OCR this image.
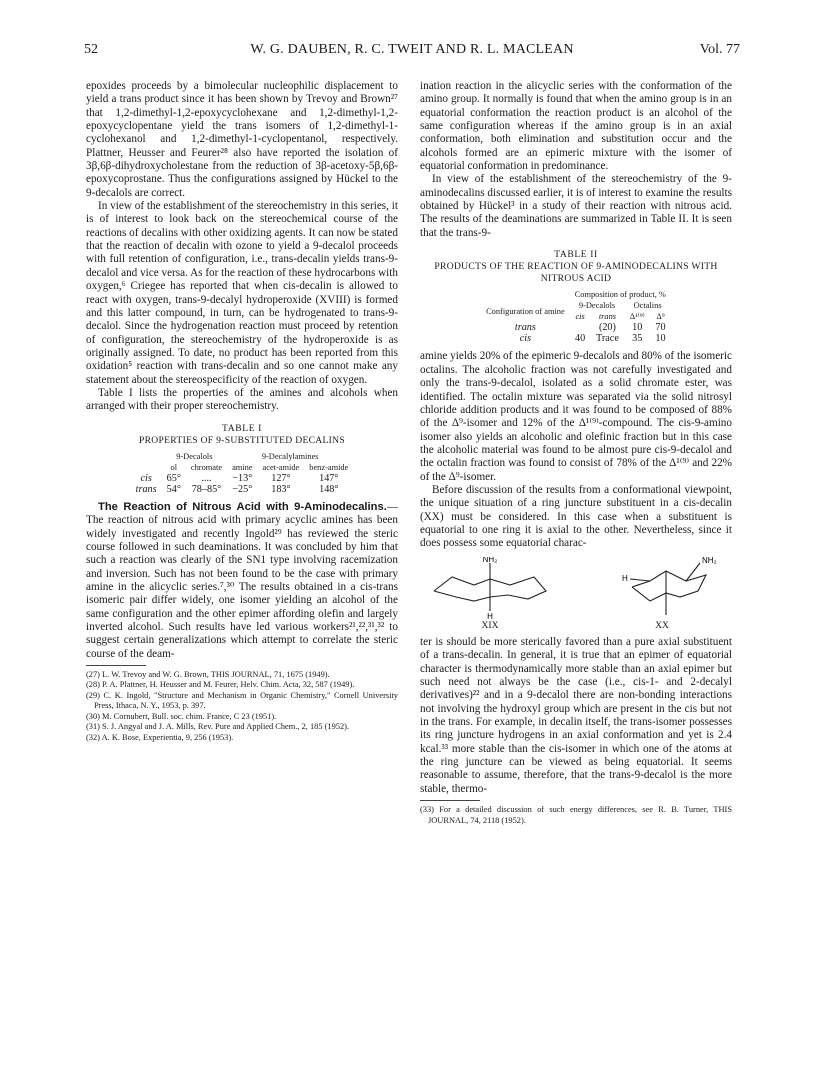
52	W. G. DAUBEN, R. C. TWEIT AND R. L. MACLEAN	Vol. 77

epoxides proceeds by a bimolecular nucleophilic displacement to yield a trans product since it has been shown by Trevoy and Brown²⁷ that 1,2-dimethyl-1,2-epoxycyclohexane and 1,2-dimethyl-1,2-epoxycyclopentane yield the trans isomers of 1,2-dimethyl-1-cyclohexanol and 1,2-dimethyl-1-cyclopentanol, respectively. Plattner, Heusser and Feurer²⁸ also have reported the isolation of 3β,6β-dihydroxycholestane from the reduction of 3β-acetoxy-5β,6β-epoxycoprostane. Thus the configurations assigned by Hückel to the 9-decalols are correct.

In view of the establishment of the stereochemistry in this series, it is of interest to look back on the stereochemical course of the reactions of decalins with other oxidizing agents. It can now be stated that the reaction of decalin with ozone to yield a 9-decalol proceeds with full retention of configuration, i.e., trans-decalin yields trans-9-decalol and vice versa. As for the reaction of these hydrocarbons with oxygen,⁶ Criegee has reported that when cis-decalin is allowed to react with oxygen, trans-9-decalyl hydroperoxide (XVIII) is formed and this latter compound, in turn, can be hydrogenated to trans-9-decalol. Since the hydrogenation reaction must proceed by retention of configuration, the stereochemistry of the hydroperoxide is as originally assigned. To date, no product has been reported from this oxidation⁵ reaction with trans-decalin and so one cannot make any statement about the stereospecificity of the reaction of oxygen.

Table I lists the properties of the amines and alcohols when arranged with their proper stereochemistry.

TABLE I
PROPERTIES OF 9-SUBSTITUTED DECALINS
	9-Decalols		9-Decalylamines		
	ol	chromate	amine	acet-amide	benz-amide
cis	65°	....	−13°	127°	147°
trans	54°	78–85°	−25°	183°	148°

The Reaction of Nitrous Acid with 9-Aminodecalins.—The reaction of nitrous acid with primary acyclic amines has been widely investigated and recently Ingold²⁹ has reviewed the steric course followed in such deaminations. It was concluded by him that such a reaction was clearly of the SN1 type involving racemization and inversion. Such has not been found to be the case with primary amine in the alicyclic series.⁷,³⁰ The results obtained in a cis-trans isomeric pair differ widely, one isomer yielding an alcohol of the same configuration and the other epimer affording olefin and largely inverted alcohol. Such results have led various workers²¹,²²,³¹,³² to suggest certain generalizations which attempt to correlate the steric course of the deam-

(27) L. W. Trevoy and W. G. Brown, THIS JOURNAL, 71, 1675 (1949).
(28) P. A. Plattner, H. Heusser and M. Feurer, Helv. Chim. Acta, 32, 587 (1949).
(29) C. K. Ingold, "Structure and Mechanism in Organic Chemistry," Cornell University Press, Ithaca, N. Y., 1953, p. 397.
(30) M. Cornubert, Bull. soc. chim. France, C 23 (1951).
(31) S. J. Angyal and J. A. Mills, Rev. Pure and Applied Chem., 2, 185 (1952).
(32) A. K. Bose, Experientia, 9, 256 (1953).

ination reaction in the alicyclic series with the conformation of the amino group. It normally is found that when the amino group is in an equatorial conformation the reaction product is an alcohol of the same configuration whereas if the amino group is in an axial conformation, both elimination and substitution occur and the alcohols formed are an epimeric mixture with the isomer of equatorial conformation in predominance.

In view of the establishment of the stereochemistry of the 9-aminodecalins discussed earlier, it is of interest to examine the results obtained by Hückel³ in a study of their reaction with nitrous acid. The results of the deaminations are summarized in Table II. It is seen that the trans-9-

TABLE II
PRODUCTS OF THE REACTION OF 9-AMINODECALINS WITH NITROUS ACID
	Composition of product, %			
Configuration of amine	9-Decalols		Octalins	
	cis	trans	Δ¹⁽⁹⁾	Δ⁹
trans		(20)	10	70
cis	40	Trace	35	10

amine yields 20% of the epimeric 9-decalols and 80% of the isomeric octalins. The alcoholic fraction was not carefully investigated and only the trans-9-decalol, isolated as a solid chromate ester, was identified. The octalin mixture was separated via the solid nitrosyl chloride addition products and it was found to be composed of 88% of the Δ⁹-isomer and 12% of the Δ¹⁽⁹⁾-compound. The cis-9-amino isomer also yields an alcoholic and olefinic fraction but in this case the alcoholic material was found to be almost pure cis-9-decalol and the octalin fraction was found to consist of 78% of the Δ¹⁽⁹⁾ and 22% of the Δ⁹-isomer.

Before discussion of the results from a conformational viewpoint, the unique situation of a ring juncture substituent in a cis-decalin (XX) must be considered. In this case when a substituent is equatorial to one ring it is axial to the other. Nevertheless, since it does possess some equatorial charac-

NH₂
H
XIX
NH₂
H
XX

ter is should be more sterically favored than a pure axial substituent of a trans-decalin. In general, it is true that an epimer of equatorial character is thermodynamically more stable than an axial epimer but such need not always be the case (i.e., cis-1- and 2-decalyl derivatives)²² and in a 9-decalol there are non-bonding interactions not involving the hydroxyl group which are present in the cis but not in the trans. For example, in decalin itself, the trans-isomer possesses its ring juncture hydrogens in an axial conformation and yet is 2.4 kcal.³³ more stable than the cis-isomer in which one of the atoms at the ring juncture can be viewed as being equatorial. It seems reasonable to assume, therefore, that the trans-9-decalol is the more stable, thermo-

(33) For a detailed discussion of such energy differences, see R. B. Turner, THIS JOURNAL, 74, 2118 (1952).
